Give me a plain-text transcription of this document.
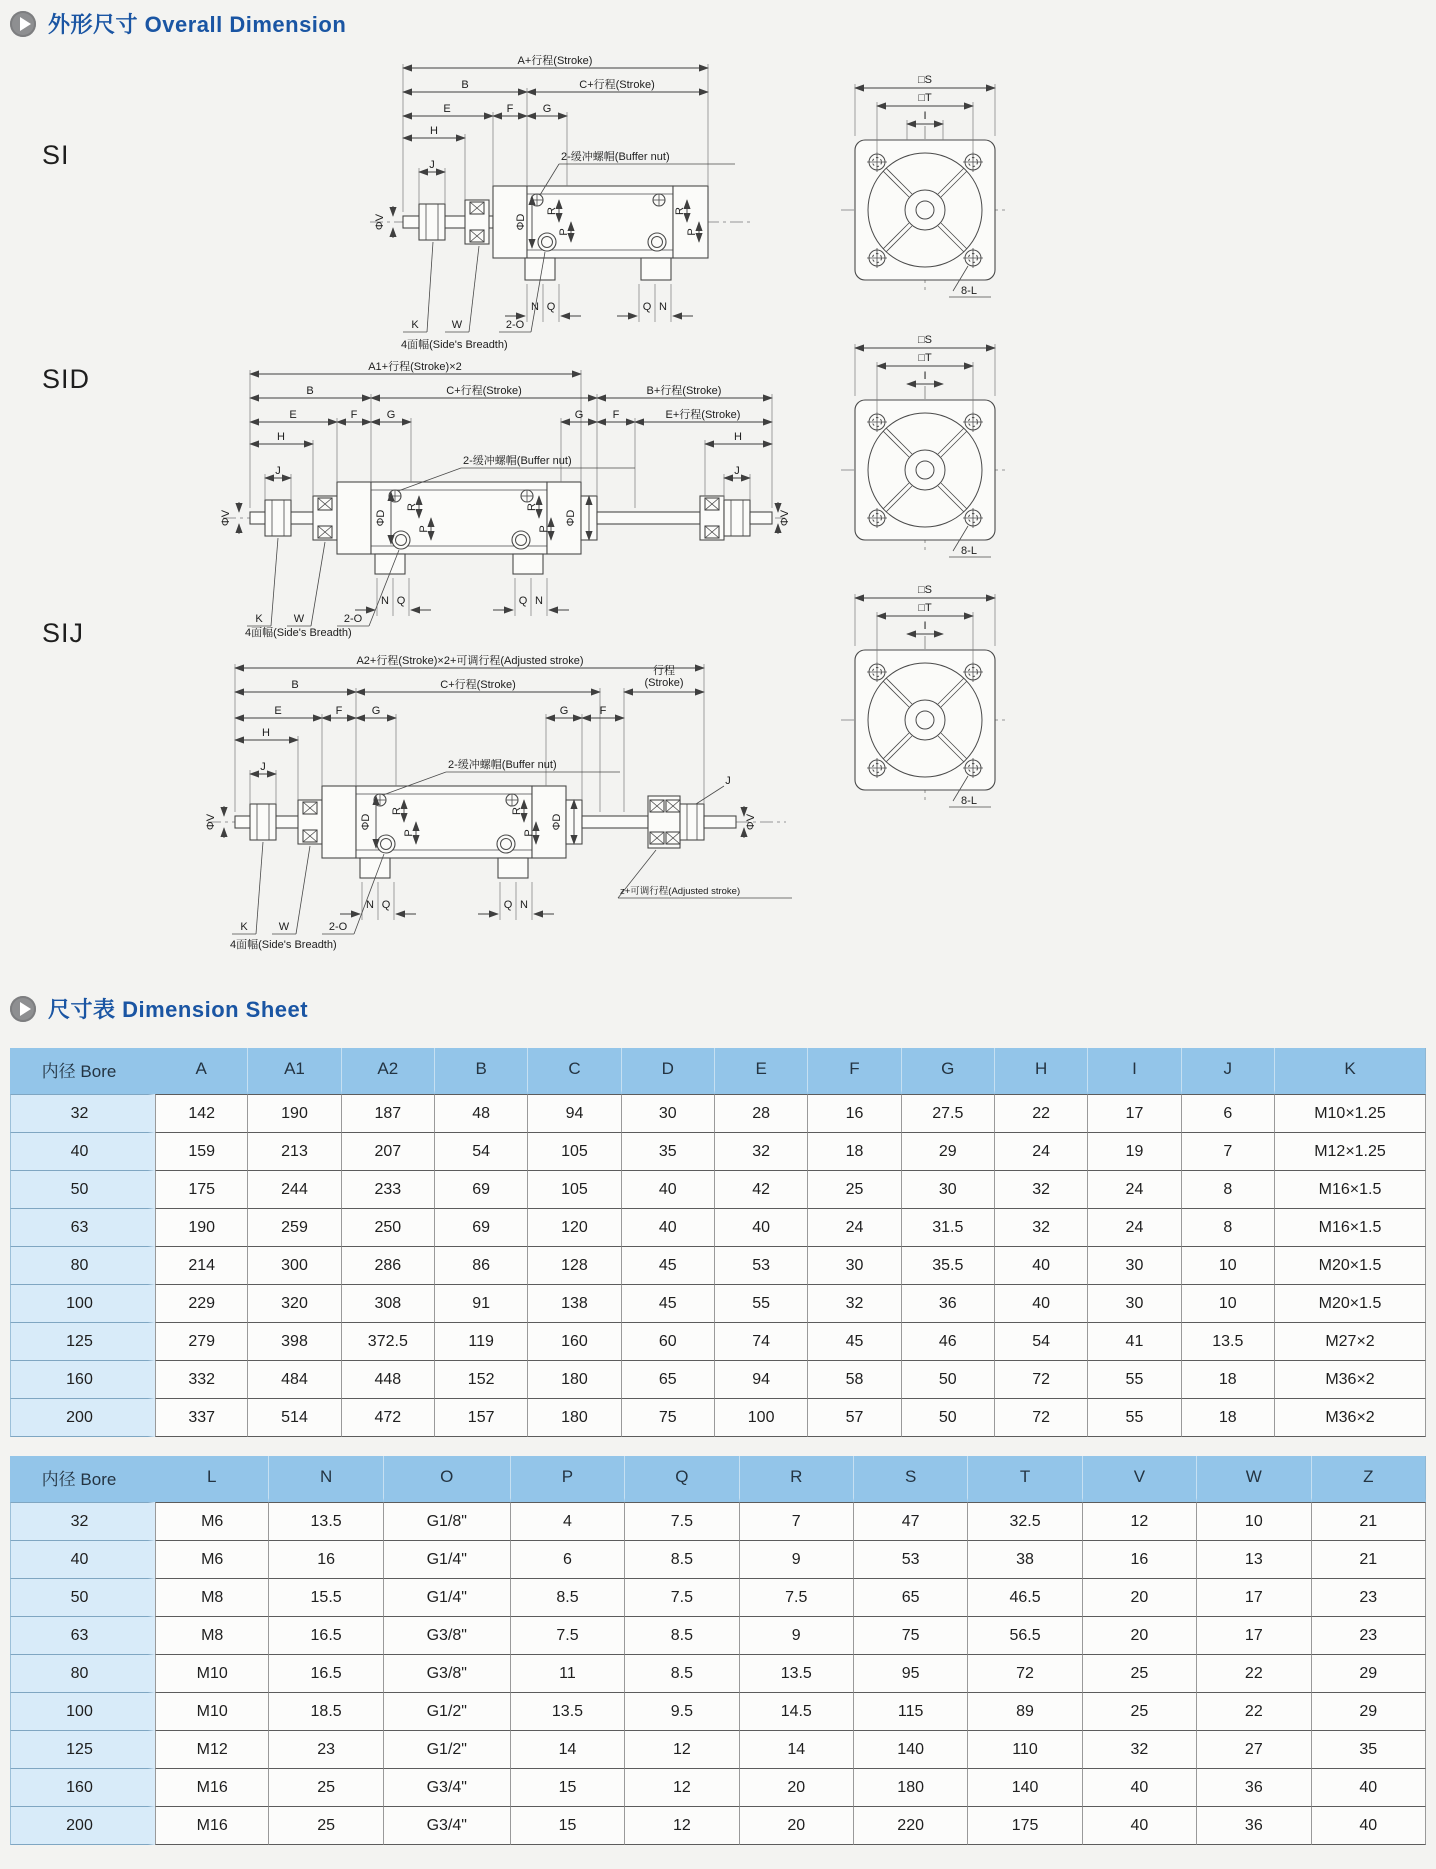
外形尺寸 Overall Dimension
SI
SID
SIJ
A+行程(Stroke)
B	C+行程(Stroke)
E	F	G
H
J
ΦV	ΦD
R
P
R
P
2-缓冲螺帽(Buffer nut)
N Q	Q N
K	W	2-O
4面幅(Side's Breadth)
□S
□T
I
8-L
A1+行程(Stroke)×2
B	C+行程(Stroke)	B+行程(Stroke)
E	F	G	G	F	E+行程(Stroke)
H	H
J	J
2-缓冲螺帽(Buffer nut)
ΦV	ΦD	ΦD	ΦV
R
P
R
P
N Q	Q N
K	W	2-O
4面幅(Side's Breadth)
□S
□T
I
8-L
A2+行程(Stroke)×2+可调行程(Adjusted stroke)
B	C+行程(Stroke)
行程
(Stroke)
E	F	G	G	F
H
J
J
2-缓冲螺帽(Buffer nut)
z+可调行程(Adjusted stroke)
ΦV	ΦD	ΦD	ΦV
R
P
R
P
N Q	Q N
K	W	2-O
4面幅(Side's Breadth)
□S
□T
I
8-L
尺寸表 Dimension Sheet
内径 Bore	A	A1	A2	B	C	D	E	F	G	H	I	J	K
32	142	190	187	48	94	30	28	16	27.5	22	17	6	M10×1.25
40	159	213	207	54	105	35	32	18	29	24	19	7	M12×1.25
50	175	244	233	69	105	40	42	25	30	32	24	8	M16×1.5
63	190	259	250	69	120	40	40	24	31.5	32	24	8	M16×1.5
80	214	300	286	86	128	45	53	30	35.5	40	30	10	M20×1.5
100	229	320	308	91	138	45	55	32	36	40	30	10	M20×1.5
125	279	398	372.5	119	160	60	74	45	46	54	41	13.5	M27×2
160	332	484	448	152	180	65	94	58	50	72	55	18	M36×2
200	337	514	472	157	180	75	100	57	50	72	55	18	M36×2
内径 Bore	L	N	O	P	Q	R	S	T	V	W	Z
32	M6	13.5	G1/8"	4	7.5	7	47	32.5	12	10	21
40	M6	16	G1/4"	6	8.5	9	53	38	16	13	21
50	M8	15.5	G1/4"	8.5	7.5	7.5	65	46.5	20	17	23
63	M8	16.5	G3/8"	7.5	8.5	9	75	56.5	20	17	23
80	M10	16.5	G3/8"	11	8.5	13.5	95	72	25	22	29
100	M10	18.5	G1/2"	13.5	9.5	14.5	115	89	25	22	29
125	M12	23	G1/2"	14	12	14	140	110	32	27	35
160	M16	25	G3/4"	15	12	20	180	140	40	36	40
200	M16	25	G3/4"	15	12	20	220	175	40	36	40
